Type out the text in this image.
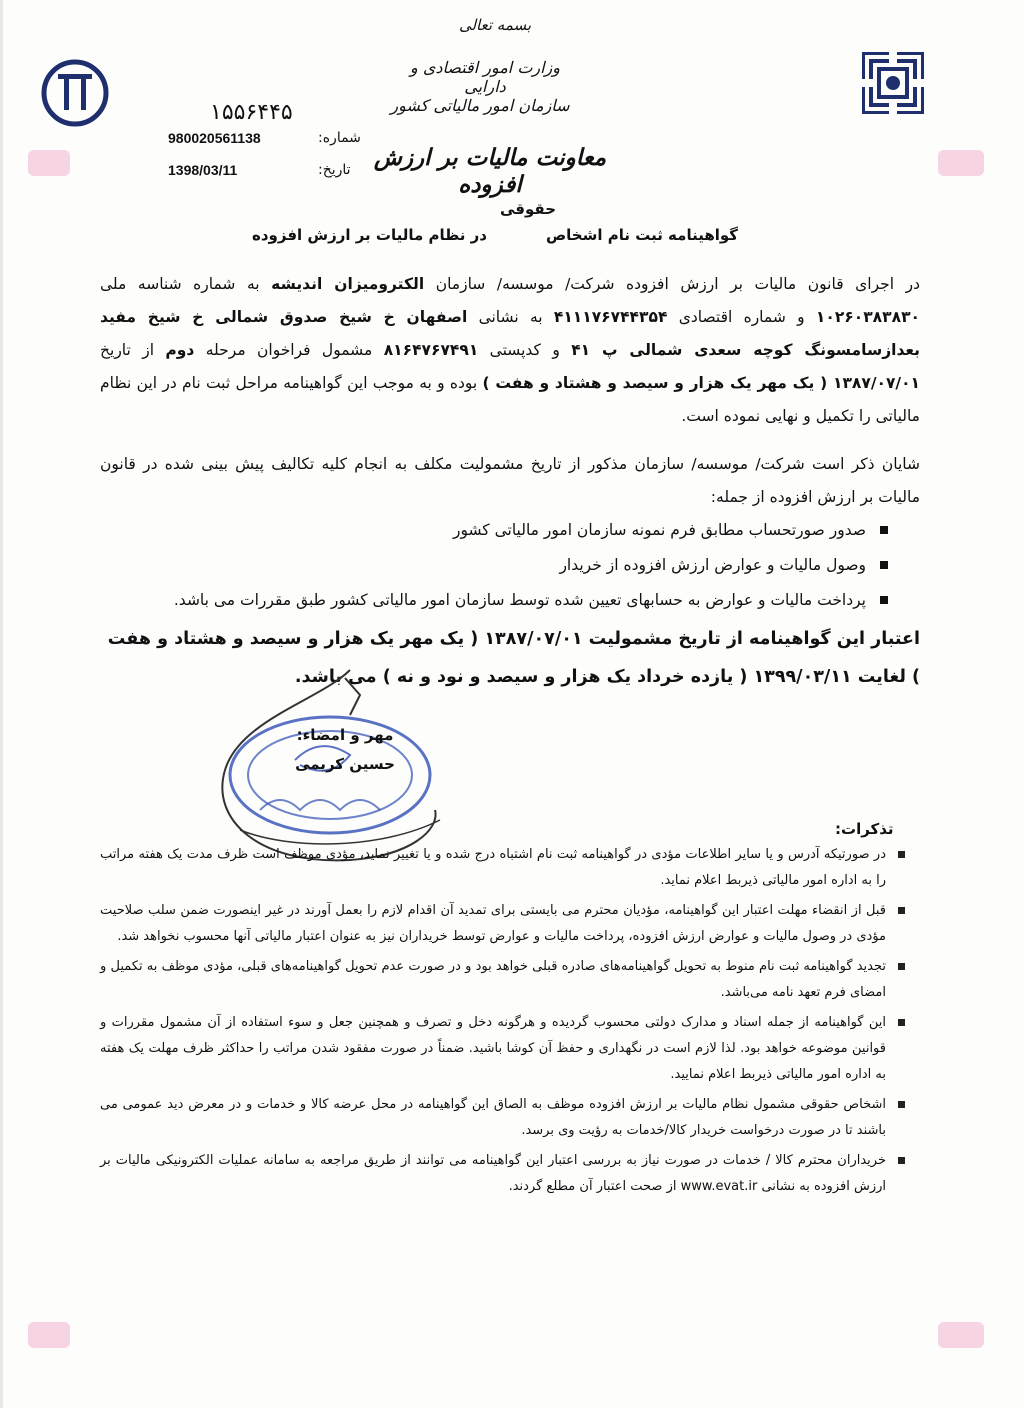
بسمه تعالی
وزارت امور اقتصادی و دارایی
سازمان امور مالیاتی کشور
معاونت مالیات بر ارزش افزوده
۱۵۵۶۴۴۵
شماره:
980020561138
تاریخ:
1398/03/11
حقوقی
گواهینامه ثبت نام اشخاص
در نظام مالیات بر ارزش افزوده
در اجرای قانون مالیات بر ارزش افزوده شرکت/ موسسه/ سازمان الکترومیزان اندیشه به شماره شناسه ملی ۱۰۲۶۰۳۸۳۸۳۰ و شماره اقتصادی ۴۱۱۱۷۶۷۴۴۳۵۴ به نشانی اصفهان خ شیخ صدوق شمالی خ شیخ مفید بعدازسامسونگ کوچه سعدی شمالی پ ۴۱ و کدپستی ۸۱۶۴۷۶۷۴۹۱ مشمول فراخوان مرحله دوم از تاریخ ۱۳۸۷/۰۷/۰۱ ( یک مهر یک هزار و سیصد و هشتاد و هفت ) بوده و به موجب این گواهینامه مراحل ثبت نام در این نظام مالیاتی را تکمیل و نهایی نموده است.
شایان ذکر است شرکت/ موسسه/ سازمان مذکور از تاریخ مشمولیت مکلف به انجام کلیه تکالیف پیش بینی شده در قانون مالیات بر ارزش افزوده از جمله:
صدور صورتحساب مطابق فرم نمونه سازمان امور مالیاتی کشور
وصول مالیات و عوارض ارزش افزوده از خریدار
پرداخت مالیات و عوارض به حسابهای تعیین شده توسط سازمان امور مالیاتی کشور طبق مقررات می باشد.
اعتبار این گواهینامه از تاریخ مشمولیت ۱۳۸۷/۰۷/۰۱ ( یک مهر یک هزار و سیصد و هشتاد و هفت ) لغایت ۱۳۹۹/۰۳/۱۱ ( یازده خرداد یک هزار و سیصد و نود و نه ) می باشد.
مهر و امضاء:
حسین کریمی
تذکرات:
در صورتیکه آدرس و یا سایر اطلاعات مؤدی در گواهینامه ثبت نام اشتباه درج شده و یا تغییر نماید، مؤدی موظف است ظرف مدت یک هفته مراتب را به اداره امور مالیاتی ذیربط اعلام نماید.
قبل از انقضاء مهلت اعتبار این گواهینامه، مؤدیان محترم می بایستی برای تمدید آن اقدام لازم را بعمل آورند در غیر اینصورت ضمن سلب صلاحیت مؤدی در وصول مالیات و عوارض ارزش افزوده، پرداخت مالیات و عوارض توسط خریداران نیز به عنوان اعتبار مالیاتی آنها محسوب نخواهد شد.
تجدید گواهینامه ثبت نام منوط به تحویل گواهینامه‌های صادره قبلی خواهد بود و در صورت عدم تحویل گواهینامه‌های قبلی، مؤدی موظف به تکمیل و امضای فرم تعهد نامه می‌باشد.
این گواهینامه از جمله اسناد و مدارک دولتی محسوب گردیده و هرگونه دخل و تصرف و همچنین جعل و سوء استفاده از آن مشمول مقررات و قوانین موضوعه خواهد بود. لذا لازم است در نگهداری و حفظ آن کوشا باشید. ضمناً در صورت مفقود شدن مراتب را حداکثر ظرف مهلت یک هفته به اداره امور مالیاتی ذیربط اعلام نمایید.
اشخاص حقوقی مشمول نظام مالیات بر ارزش افزوده موظف به الصاق این گواهینامه در محل عرضه کالا و خدمات و در معرض دید عمومی می باشند تا در صورت درخواست خریدار کالا/خدمات به رؤیت وی برسد.
خریداران محترم کالا / خدمات در صورت نیاز به بررسی اعتبار این گواهینامه می توانند از طریق مراجعه به سامانه عملیات الکترونیکی مالیات بر ارزش افزوده به نشانی www.evat.ir از صحت اعتبار آن مطلع گردند.
